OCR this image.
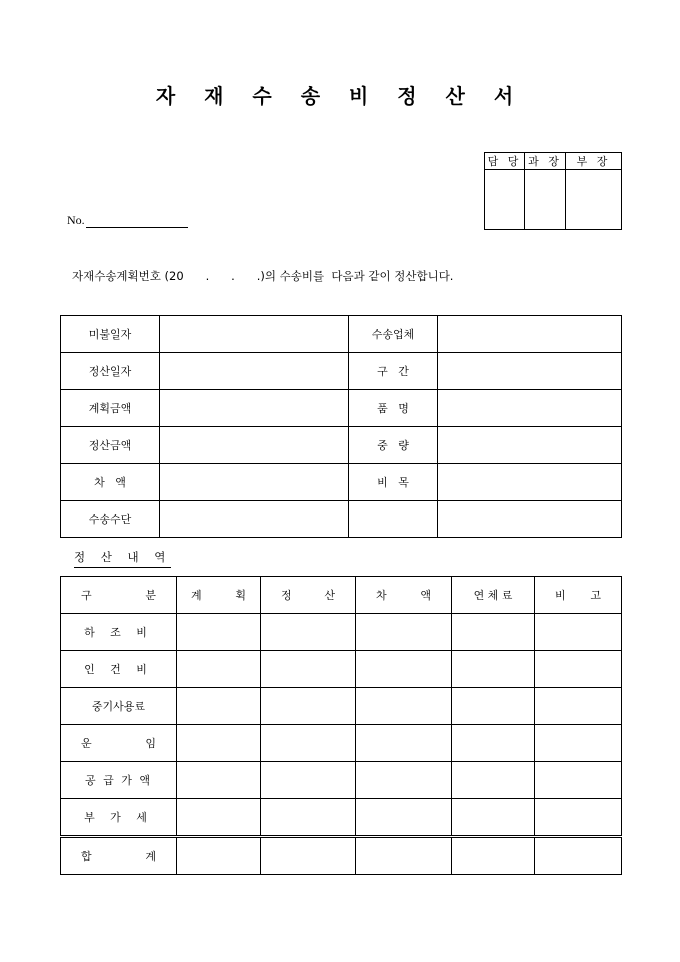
자 재 수 송 비 정 산 서
담 당	과 장	부 장

No.
자재수송계획번호 (20      .      .      .)의 수송비를  다음과 같이 정산합니다.
미불일자		수송업체	
정산일자		구   간	
계획금액		품   명	
정산금액		중   량	
차   액		비   목	
수송수단			
정 산 내 역
구 분	계 획	정 산	차 액	연 체 료	비 고

하 조 비					
인 건 비					
중기사용료					

운 임					

공 급 가 액					
부 가 세					

합 계					
